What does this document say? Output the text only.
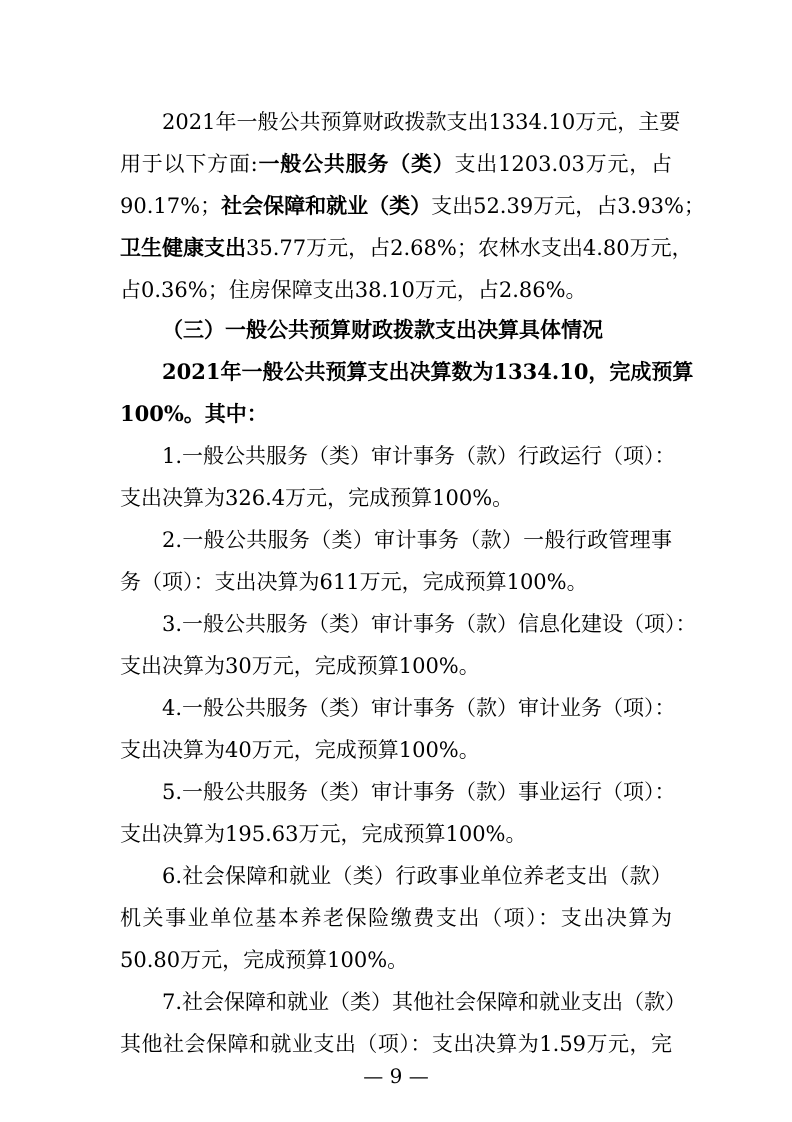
2021年一般公共预算财政拨款支出1334.10万元，主要
用于以下方面:一般公共服务（类）支出1203.03万元，占
90.17%；社会保障和就业（类）支出52.39万元，占3.93%；
卫生健康支出35.77万元，占2.68%；农林水支出4.80万元，
占0.36%；住房保障支出38.10万元，占2.86%。
（三）一般公共预算财政拨款支出决算具体情况
2021年一般公共预算支出决算数为1334.10，完成预算
100%。其中：
1.一般公共服务（类）审计事务（款）行政运行（项）：
支出决算为326.4万元，完成预算100%。
2.一般公共服务（类）审计事务（款）一般行政管理事
务（项）：支出决算为611万元，完成预算100%。
3.一般公共服务（类）审计事务（款）信息化建设（项）：
支出决算为30万元，完成预算100%。
4.一般公共服务（类）审计事务（款）审计业务（项）：
支出决算为40万元，完成预算100%。
5.一般公共服务（类）审计事务（款）事业运行（项）：
支出决算为195.63万元，完成预算100%。
6.社会保障和就业（类）行政事业单位养老支出（款）
机关事业单位基本养老保险缴费支出（项）：支出决算为
50.80万元，完成预算100%。
7.社会保障和就业（类）其他社会保障和就业支出（款）
其他社会保障和就业支出（项）：支出决算为1.59万元，完
— 9 —
